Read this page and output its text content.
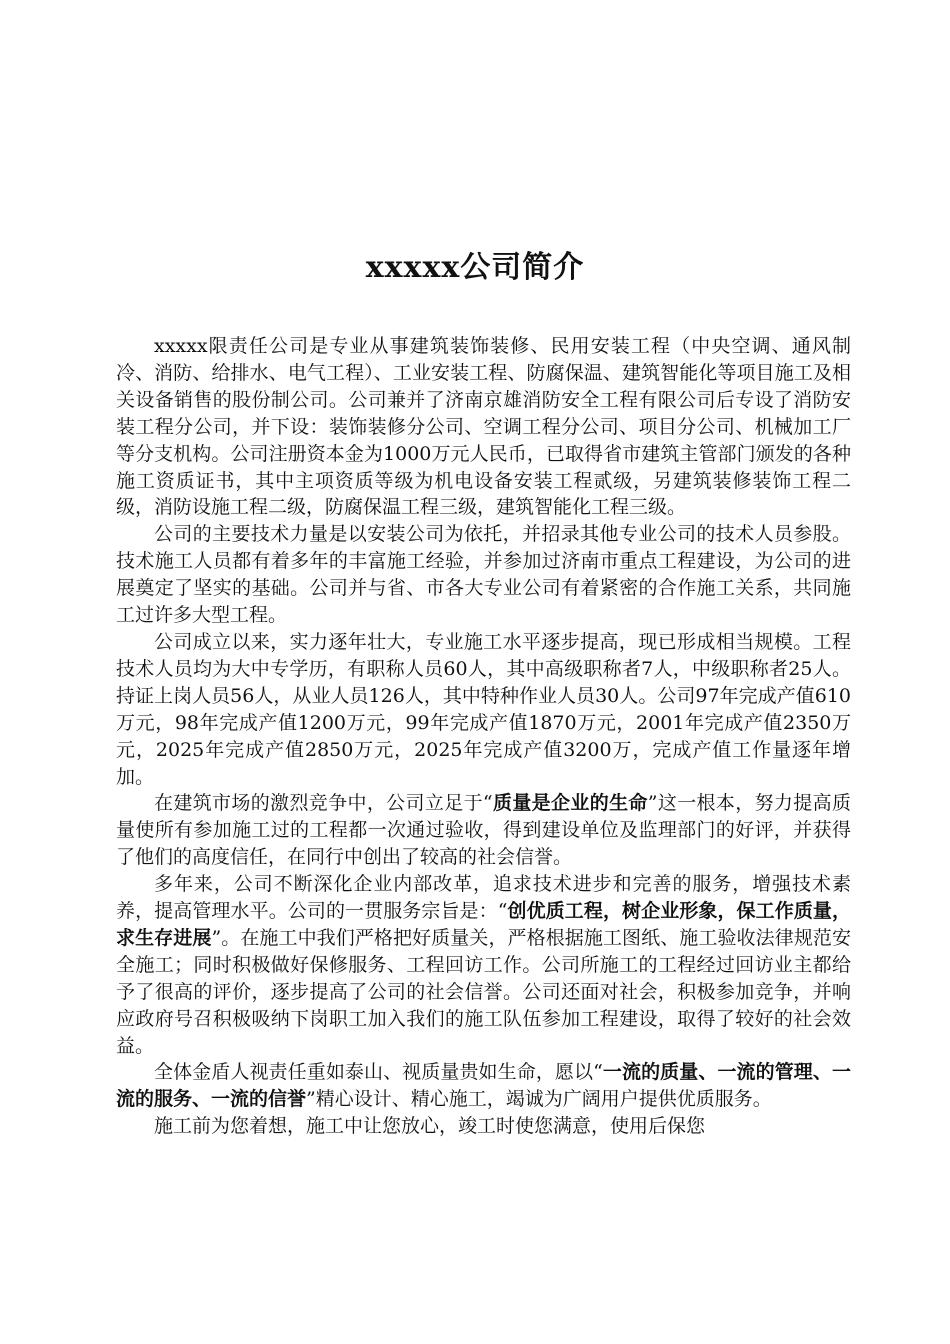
xxxxx公司简介

xxxxx限责任公司是专业从事建筑装饰装修、民用安装工程（中央空调、通风制冷、消防、给排水、电气工程）、工业安装工程、防腐保温、建筑智能化等项目施工及相关设备销售的股份制公司。公司兼并了济南京雄消防安全工程有限公司后专设了消防安装工程分公司，并下设：装饰装修分公司、空调工程分公司、项目分公司、机械加工厂等分支机构。公司注册资本金为1000万元人民币，已取得省市建筑主管部门颁发的各种施工资质证书，其中主项资质等级为机电设备安装工程贰级，另建筑装修装饰工程二级，消防设施工程二级，防腐保温工程三级，建筑智能化工程三级。

公司的主要技术力量是以安装公司为依托，并招录其他专业公司的技术人员参股。技术施工人员都有着多年的丰富施工经验，并参加过济南市重点工程建设，为公司的进展奠定了坚实的基础。公司并与省、市各大专业公司有着紧密的合作施工关系，共同施工过许多大型工程。

公司成立以来，实力逐年壮大，专业施工水平逐步提高，现已形成相当规模。工程技术人员均为大中专学历，有职称人员60人，其中高级职称者7人，中级职称者25人。持证上岗人员56人，从业人员126人，其中特种作业人员30人。公司97年完成产值610万元，98年完成产值1200万元，99年完成产值1870万元，2001年完成产值2350万元，2025年完成产值2850万元，2025年完成产值3200万，完成产值工作量逐年增加。

在建筑市场的激烈竞争中，公司立足于“质量是企业的生命”这一根本，努力提高质量使所有参加施工过的工程都一次通过验收，得到建设单位及监理部门的好评，并获得了他们的高度信任，在同行中创出了较高的社会信誉。

多年来，公司不断深化企业内部改革，追求技术进步和完善的服务，增强技术素养，提高管理水平。公司的一贯服务宗旨是：“创优质工程，树企业形象，保工作质量，求生存进展”。在施工中我们严格把好质量关，严格根据施工图纸、施工验收法律规范安全施工；同时积极做好保修服务、工程回访工作。公司所施工的工程经过回访业主都给予了很高的评价，逐步提高了公司的社会信誉。公司还面对社会，积极参加竞争，并响应政府号召积极吸纳下岗职工加入我们的施工队伍参加工程建设，取得了较好的社会效益。

全体金盾人视责任重如泰山、视质量贵如生命，愿以“一流的质量、一流的管理、一流的服务、一流的信誉”精心设计、精心施工，竭诚为广阔用户提供优质服务。

施工前为您着想，施工中让您放心，竣工时使您满意，使用后保您
